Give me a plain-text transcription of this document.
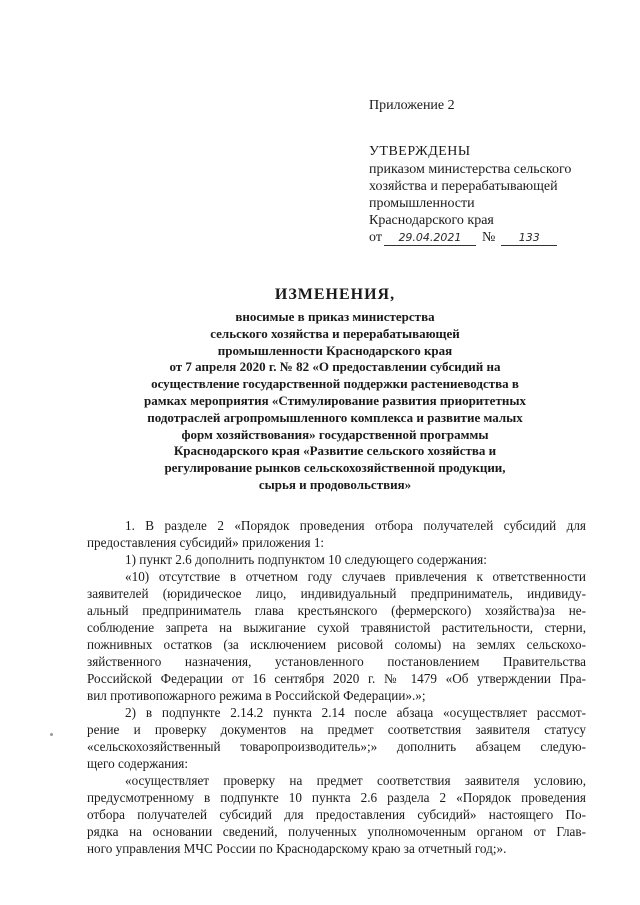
Приложение 2
УТВЕРЖДЕНЫ
приказом министерства сельского
хозяйства и перерабатывающей
промышленности
Краснодарского края
от 29.04.2021 № 133
ИЗМЕНЕНИЯ,
вносимые в приказ министерства
сельского хозяйства и перерабатывающей
промышленности Краснодарского края
от 7 апреля 2020 г. № 82 «О предоставлении субсидий на
осуществление государственной поддержки растениеводства в
рамках мероприятия «Стимулирование развития приоритетных
подотраслей агропромышленного комплекса и развитие малых
форм хозяйствования» государственной программы
Краснодарского края «Развитие сельского хозяйства и
регулирование рынков сельскохозяйственной продукции,
сырья и продовольствия»

1. В разделе 2 «Порядок проведения отбора получателей субсидий для
предоставления субсидий» приложения 1:

1) пункт 2.6 дополнить подпунктом 10 следующего содержания:

«10) отсутствие в отчетном году случаев привлечения к ответственности
заявителей (юридическое лицо, индивидуальный предприниматель, индивиду-
альный предприниматель глава крестьянского (фермерского) хозяйства)за не-
соблюдение запрета на выжигание сухой травянистой растительности, стерни,
пожнивных остатков (за исключением рисовой соломы) на землях сельскохо-
зяйственного назначения, установленного постановлением Правительства
Российской Федерации от 16 сентября 2020 г. № 1479 «Об утверждении Пра-
вил противопожарного режима в Российской Федерации».»;

2) в подпункте 2.14.2 пункта 2.14 после абзаца «осуществляет рассмот-
рение и проверку документов на предмет соответствия заявителя статусу
«сельскохозяйственный товаропроизводитель»;» дополнить абзацем следую-
щего содержания:

«осуществляет проверку на предмет соответствия заявителя условию,
предусмотренному в подпункте 10 пункта 2.6 раздела 2 «Порядок проведения
отбора получателей субсидий для предоставления субсидий» настоящего По-
рядка на основании сведений, полученных уполномоченным органом от Глав-
ного управления МЧС России по Краснодарскому краю за отчетный год;».
